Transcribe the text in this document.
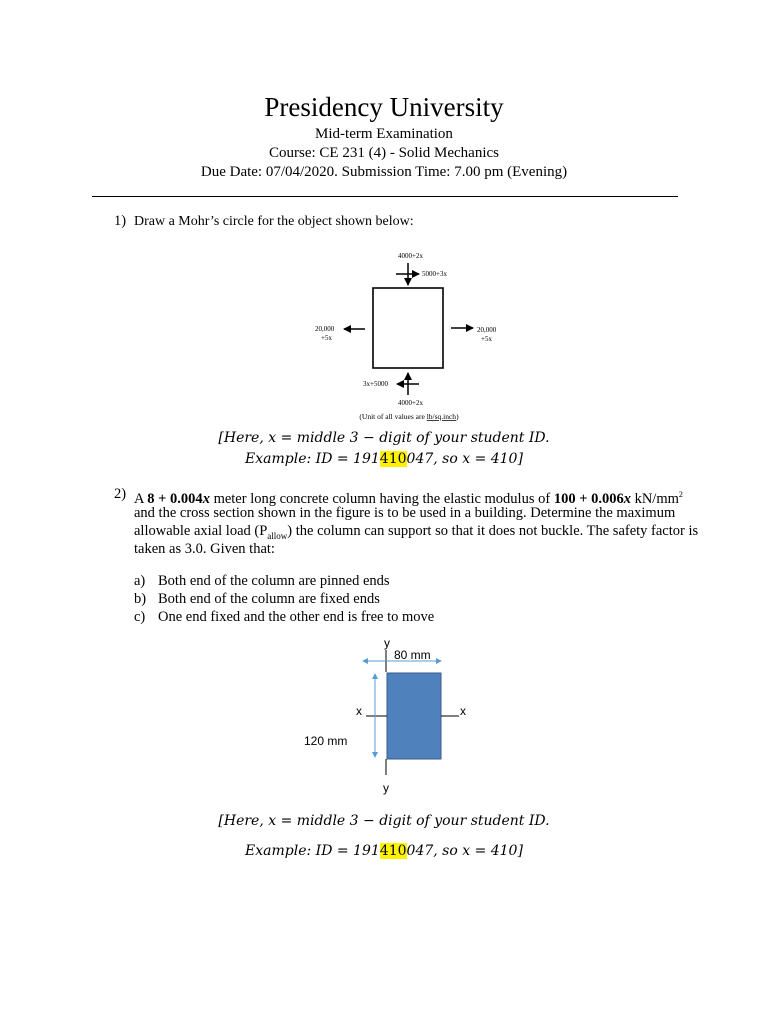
Presidency University
Mid-term Examination
Course: CE 231 (4) - Solid Mechanics
Due Date: 07/04/2020. Submission Time: 7.00 pm (Evening)
1) Draw a Mohr’s circle for the object shown below:
4000+2x
5000+3x
20,000
+5x
20,000
+5x
3x+5000
4000+2x
(Unit of all values are lb/sq.inch)
[Here, x = middle 3 − digit of your student ID.
Example: ID = 191410047, so x = 410]
2) A 8 + 0.004x meter long concrete column having the elastic modulus of 100 + 0.006x $kN/mm^2$
and the cross section shown in the figure is to be used in a building. Determine the maximum
allowable axial load $(P_{allow})$ the column can support so that it does not buckle. The safety factor is
taken as 3.0. Given that:
a) Both end of the column are pinned ends
b) Both end of the column are fixed ends
c) One end fixed and the other end is free to move
y
80 mm
x	x
120 mm
y
[Here, x = middle 3 − digit of your student ID.
Example: ID = 191410047, so x = 410]
